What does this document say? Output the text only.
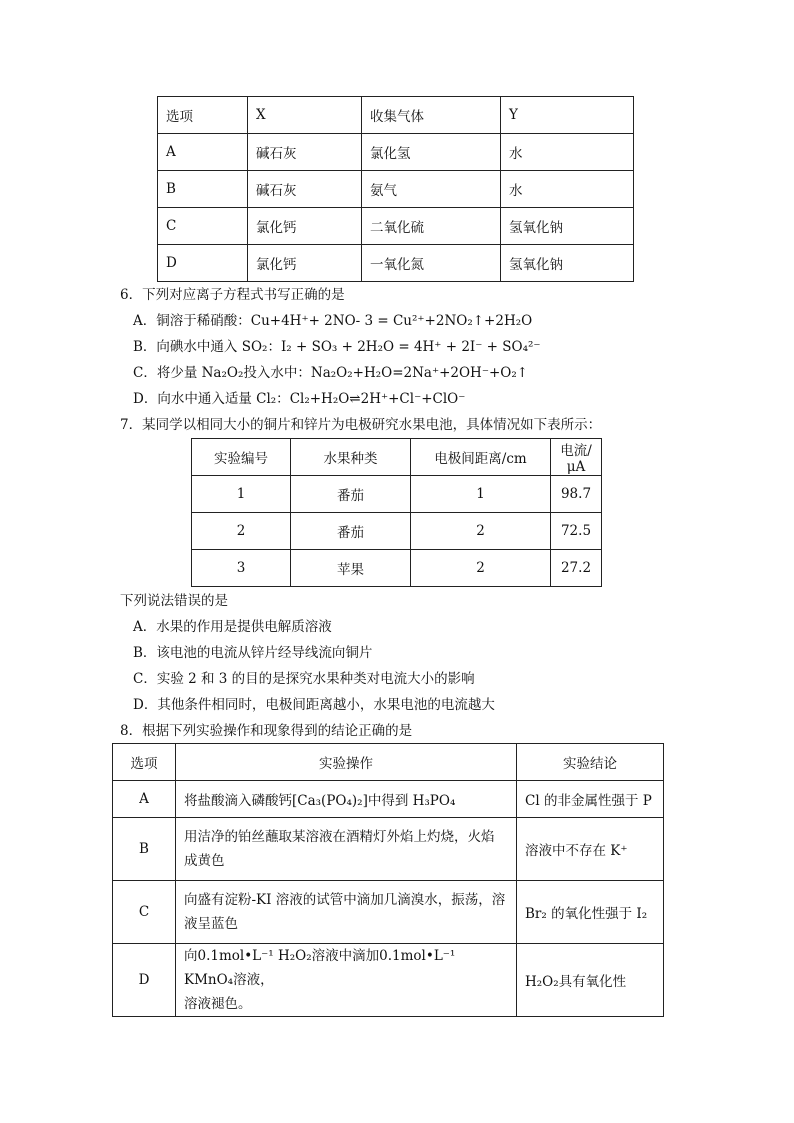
选项	X	收集气体	Y
A	碱石灰	氯化氢	水
B	碱石灰	氨气	水
C	氯化钙	二氧化硫	氢氧化钠
D	氯化钙	一氧化氮	氢氧化钠
6．下列对应离子方程式书写正确的是
A．铜溶于稀硝酸：Cu+4H⁺+ 2NO‐ 3 = Cu²⁺+2NO₂↑+2H₂O
B．向碘水中通入 SO₂：I₂ + SO₃ + 2H₂O = 4H⁺ + 2I⁻ + SO₄²⁻
C．将少量 Na₂O₂投入水中：Na₂O₂+H₂O=2Na⁺+2OH⁻+O₂↑
D．向水中通入适量 Cl₂：Cl₂+H₂O⇌2H⁺+Cl⁻+ClO⁻
7．某同学以相同大小的铜片和锌片为电极研究水果电池，具体情况如下表所示：
实验编号	水果种类	电极间距离/cm	电流/μA
1	番茄	1	98.7
2	番茄	2	72.5
3	苹果	2	27.2
下列说法错误的是
A．水果的作用是提供电解质溶液
B．该电池的电流从锌片经导线流向铜片
C．实验 2 和 3 的目的是探究水果种类对电流大小的影响
D．其他条件相同时，电极间距离越小，水果电池的电流越大
8．根据下列实验操作和现象得到的结论正确的是
选项	实验操作	实验结论
A	将盐酸滴入磷酸钙[Ca₃(PO₄)₂]中得到 H₃PO₄	Cl 的非金属性强于 P
B	用洁净的铂丝蘸取某溶液在酒精灯外焰上灼烧，火焰
成黄色	溶液中不存在 K⁺
C	向盛有淀粉-KI 溶液的试管中滴加几滴溴水，振荡，溶
液呈蓝色	Br₂ 的氧化性强于 I₂
D	向0.1mol•L⁻¹ H₂O₂溶液中滴加0.1mol•L⁻¹ KMnO₄溶液，
溶液褪色。	H₂O₂具有氧化性
